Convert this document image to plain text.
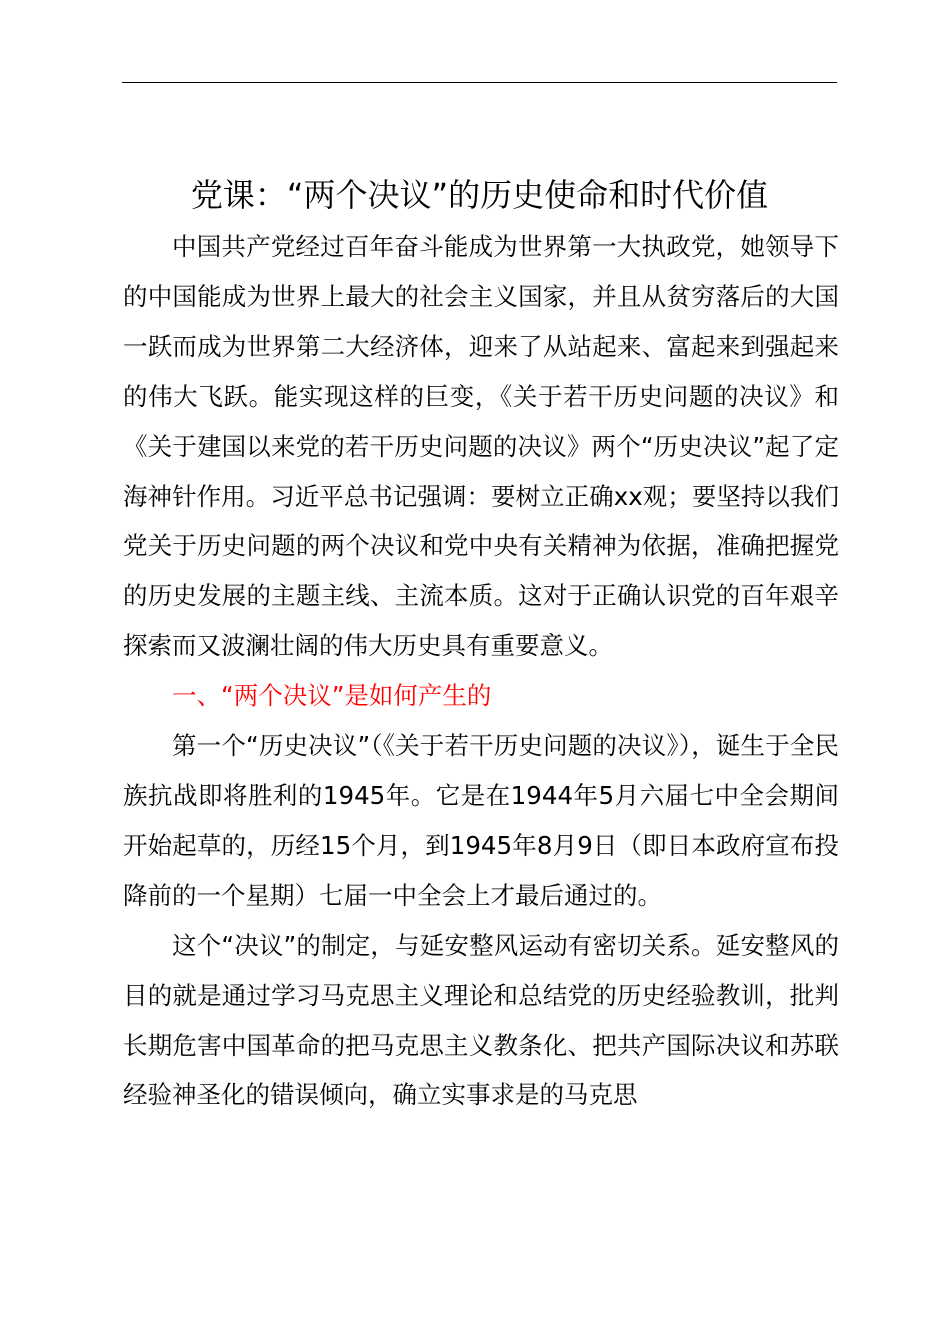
党课：“两个决议”的历史使命和时代价值

中国共产党经过百年奋斗能成为世界第一大执政党，她领导下的中国能成为世界上最大的社会主义国家，并且从贫穷落后的大国一跃而成为世界第二大经济体，迎来了从站起来、富起来到强起来的伟大飞跃。能实现这样的巨变，《关于若干历史问题的决议》和《关于建国以来党的若干历史问题的决议》两个“历史决议”起了定海神针作用。习近平总书记强调：要树立正确xx观；要坚持以我们党关于历史问题的两个决议和党中央有关精神为依据，准确把握党的历史发展的主题主线、主流本质。这对于正确认识党的百年艰辛探索而又波澜壮阔的伟大历史具有重要意义。

一、“两个决议”是如何产生的

第一个“历史决议”（《关于若干历史问题的决议》），诞生于全民族抗战即将胜利的1945年。它是在1944年5月六届七中全会期间开始起草的，历经15个月，到1945年8月9日（即日本政府宣布投降前的一个星期）七届一中全会上才最后通过的。

这个“决议”的制定，与延安整风运动有密切关系。延安整风的目的就是通过学习马克思主义理论和总结党的历史经验教训，批判长期危害中国革命的把马克思主义教条化、把共产国际决议和苏联经验神圣化的错误倾向，确立实事求是的马克思
